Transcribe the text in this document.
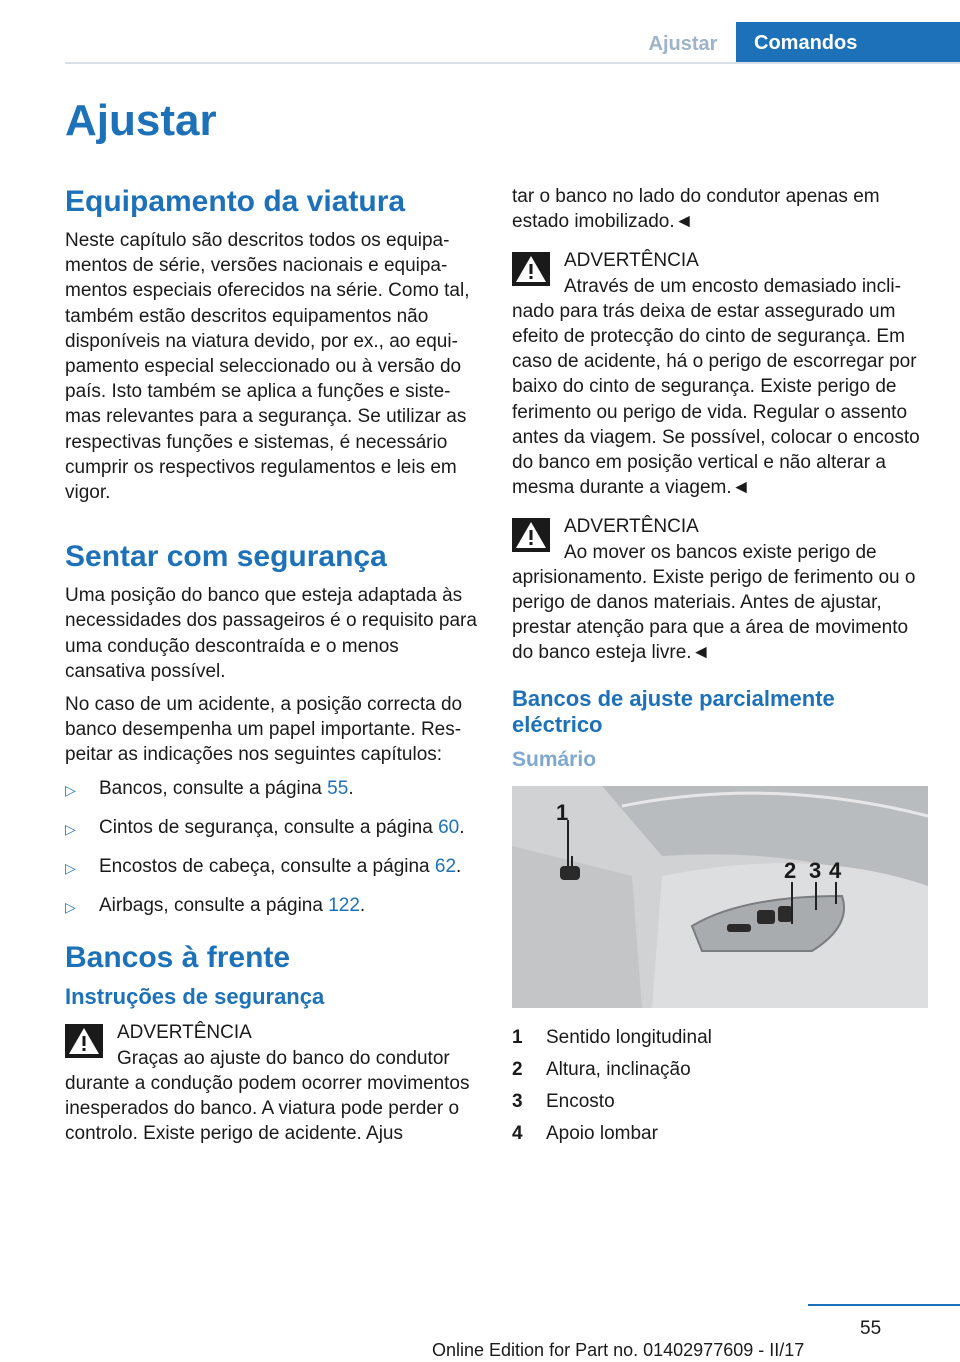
Ajustar	Comandos
Ajustar
Equipamento da viatura

Neste capítulo são descritos todos os equipamentos de série, versões nacionais e equipamentos especiais oferecidos na série. Como tal, também estão descritos equipamentos não disponíveis na viatura devido, por ex., ao equipamento especial seleccionado ou à versão do país. Isto também se aplica a funções e sistemas relevantes para a segurança. Se utilizar as respectivas funções e sistemas, é necessário cumprir os respectivos regulamentos e leis em vigor.

Sentar com segurança

Uma posição do banco que esteja adaptada às necessidades dos passageiros é o requisito para uma condução descontraída e o menos cansativa possível.

No caso de um acidente, a posição correcta do banco desempenha um papel importante. Respeitar as indicações nos seguintes capítulos:

▷ Bancos, consulte a página 55.
▷ Cintos de segurança, consulte a página 60.
▷ Encostos de cabeça, consulte a página 62.
▷ Airbags, consulte a página 122.
Bancos à frente
Instruções de segurança
ADVERTÊNCIA
Graças ao ajuste do banco do condutor durante a condução podem ocorrer movimentos inesperados do banco. A viatura pode perder o controlo. Existe perigo de acidente. Ajus

tar o banco no lado do condutor apenas em estado imobilizado.◄

ADVERTÊNCIA
Através de um encosto demasiado inclinado para trás deixa de estar assegurado um efeito de protecção do cinto de segurança. Em caso de acidente, há o perigo de escorregar por baixo do cinto de segurança. Existe perigo de ferimento ou perigo de vida. Regular o assento antes da viagem. Se possível, colocar o encosto do banco em posição vertical e não alterar a mesma durante a viagem.◄
ADVERTÊNCIA
Ao mover os bancos existe perigo de aprisionamento. Existe perigo de ferimento ou o perigo de danos materiais. Antes de ajustar, prestar atenção para que a área de movimento do banco esteja livre.◄
Bancos de ajuste parcialmente eléctrico
Sumário
1
2 3 4
1 Sentido longitudinal
2 Altura, inclinação
3 Encosto
4 Apoio lombar
55
Online Edition for Part no. 01402977609 - II/17
